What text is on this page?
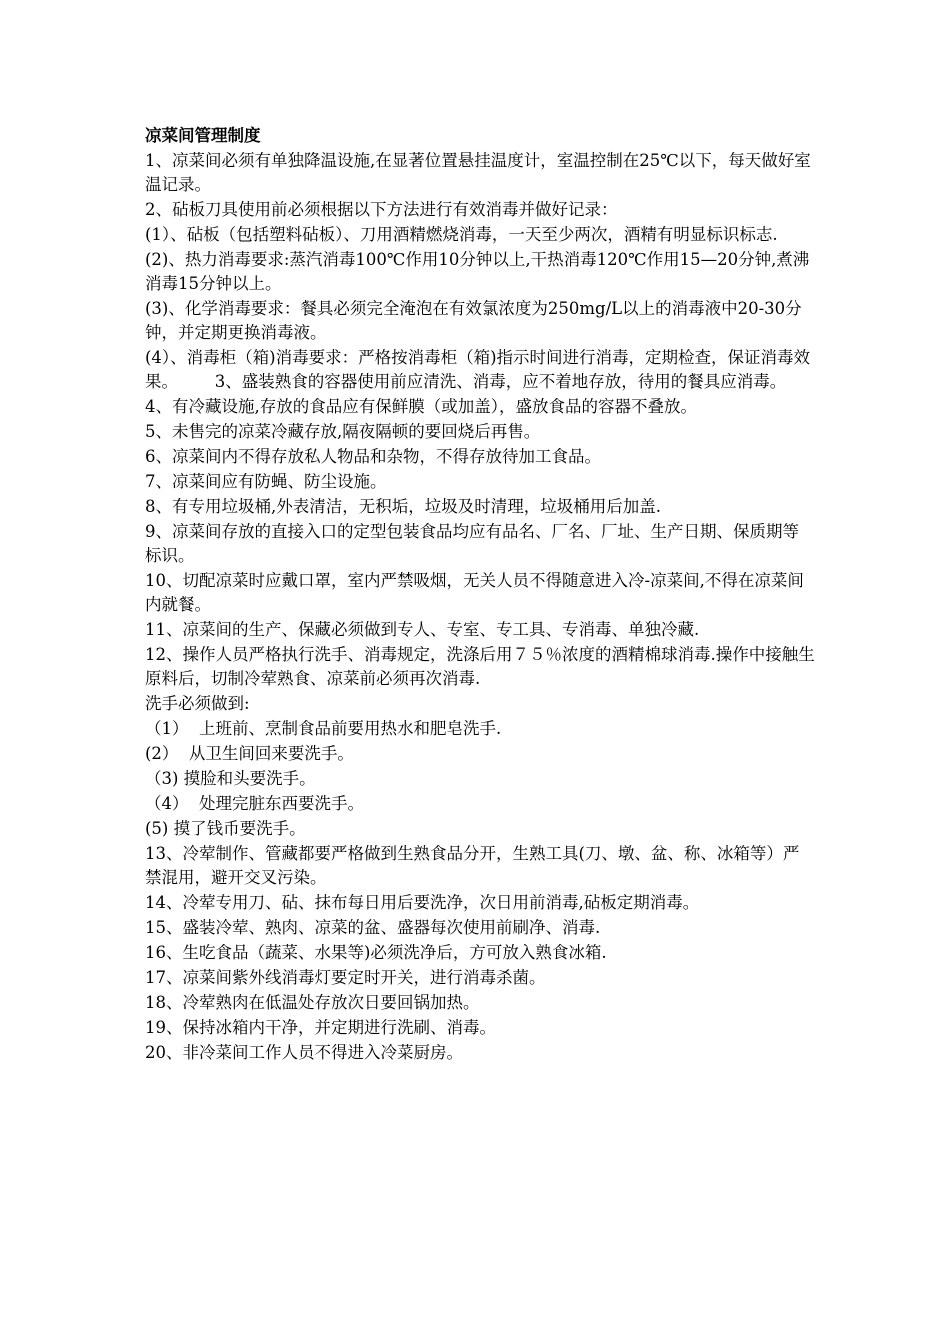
凉菜间管理制度
1、凉菜间必须有单独降温设施,在显著位置悬挂温度计，室温控制在25℃以下，每天做好室温记录。
2、砧板刀具使用前必须根据以下方法进行有效消毒并做好记录：
(1）、砧板（包括塑料砧板）、刀用酒精燃烧消毒，一天至少两次，酒精有明显标识标志.
(2)、热力消毒要求:蒸汽消毒100℃作用10分钟以上,干热消毒120℃作用15—20分钟,煮沸消毒15分钟以上。
(3)、化学消毒要求：餐具必须完全淹泡在有效氯浓度为250mg/L以上的消毒液中20-30分钟，并定期更换消毒液。
(4）、消毒柜（箱)消毒要求：严格按消毒柜（箱)指示时间进行消毒，定期检查，保证消毒效果。       3、盛装熟食的容器使用前应清洗、消毒，应不着地存放，待用的餐具应消毒。
4、有冷藏设施,存放的食品应有保鲜膜（或加盖），盛放食品的容器不叠放。
5、未售完的凉菜冷藏存放,隔夜隔顿的要回烧后再售。
6、凉菜间内不得存放私人物品和杂物，不得存放待加工食品。
7、凉菜间应有防蝇、防尘设施。
8、有专用垃圾桶,外表清洁，无积垢，垃圾及时清理，垃圾桶用后加盖.
9、凉菜间存放的直接入口的定型包装食品均应有品名、厂名、厂址、生产日期、保质期等标识。
10、切配凉菜时应戴口罩，室内严禁吸烟，无关人员不得随意进入冷-凉菜间,不得在凉菜间内就餐。
11、凉菜间的生产、保藏必须做到专人、专室、专工具、专消毒、单独冷藏.
12、操作人员严格执行洗手、消毒规定，洗涤后用７５％浓度的酒精棉球消毒.操作中接触生原料后，切制冷荤熟食、凉菜前必须再次消毒.
洗手必须做到:
（1）  上班前、烹制食品前要用热水和肥皂洗手.
(2）  从卫生间回来要洗手。
（3) 摸脸和头要洗手。
（4）  处理完脏东西要洗手。
(5) 摸了钱币要洗手。
13、冷荤制作、管藏都要严格做到生熟食品分开，生熟工具(刀、墩、盆、称、冰箱等）严禁混用，避开交叉污染。
14、冷荤专用刀、砧、抹布每日用后要洗净，次日用前消毒,砧板定期消毒。
15、盛装冷荤、熟肉、凉菜的盆、盛器每次使用前刷净、消毒.
16、生吃食品（蔬菜、水果等)必须洗净后，方可放入熟食冰箱.
17、凉菜间紫外线消毒灯要定时开关，进行消毒杀菌。
18、冷荤熟肉在低温处存放次日要回锅加热。
19、保持冰箱内干净，并定期进行洗刷、消毒。
20、非冷菜间工作人员不得进入冷菜厨房。
